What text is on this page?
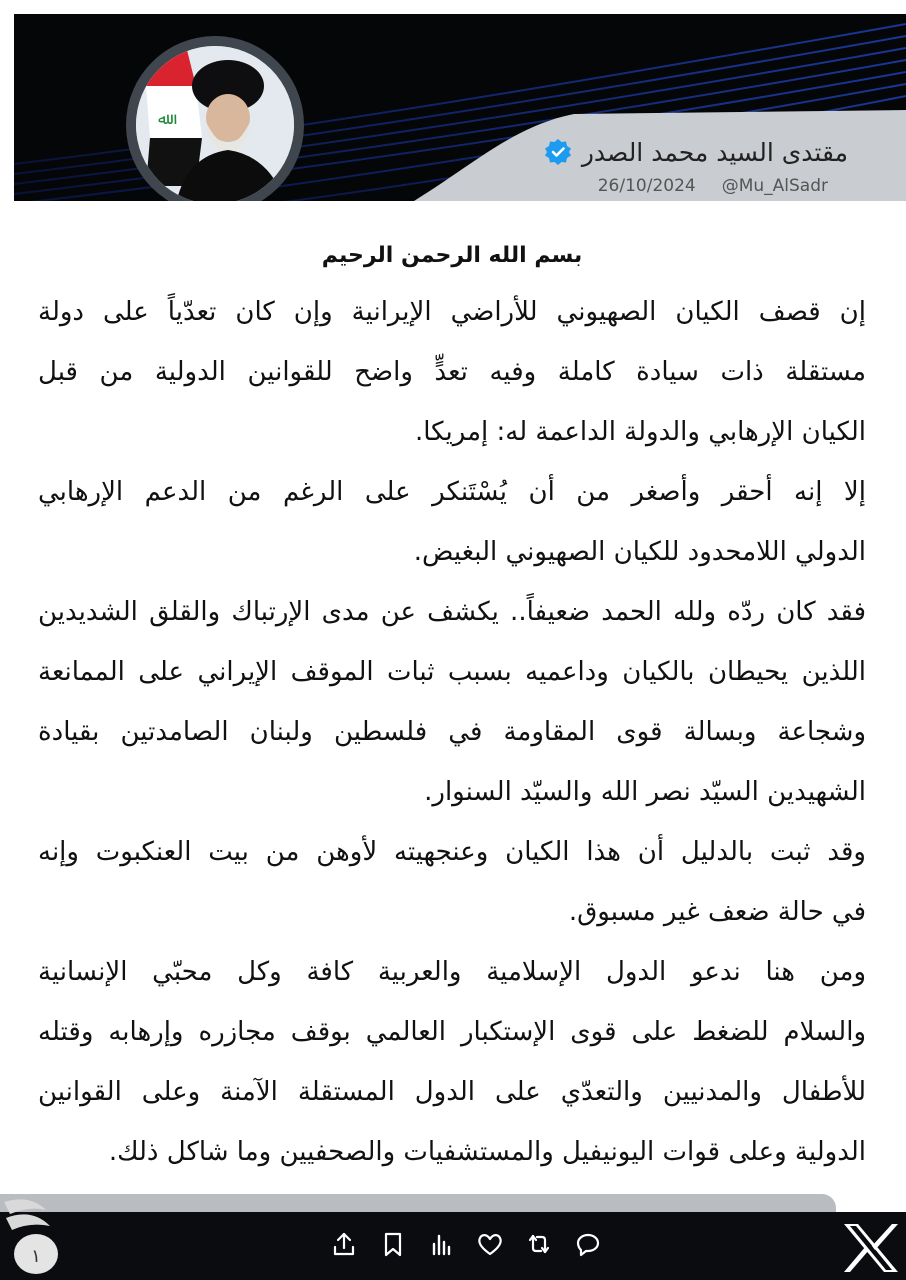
ﷲ
مقتدى السيد محمد الصدر
26/10/2024 @Mu_AlSadr
بسم الله الرحمن الرحيم
إن قصف الكيان الصهيوني للأراضي الإيرانية وإن كان تعدّياً على دولة
مستقلة ذات سيادة كاملة وفيه تعدٍّ واضح للقوانين الدولية من قبل
الكيان الإرهابي والدولة الداعمة له: إمريكا.
إلا إنه أحقر وأصغر من أن يُسْتَنكر على الرغم من الدعم الإرهابي
الدولي اللامحدود للكيان الصهيوني البغيض.
فقد كان ردّه ولله الحمد ضعيفاً.. يكشف عن مدى الإرتباك والقلق الشديدين
اللذين يحيطان بالكيان وداعميه بسبب ثبات الموقف الإيراني على الممانعة
وشجاعة وبسالة قوى المقاومة في فلسطين ولبنان الصامدتين بقيادة
الشهيدين السيّد نصر الله والسيّد السنوار.
وقد ثبت بالدليل أن هذا الكيان وعنجهيته لأوهن من بيت العنكبوت وإنه
في حالة ضعف غير مسبوق.
ومن هنا ندعو الدول الإسلامية والعربية كافة وكل محبّي الإنسانية
والسلام للضغط على قوى الإستكبار العالمي بوقف مجازره وإرهابه وقتله
للأطفال والمدنيين والتعدّي على الدول المستقلة الآمنة وعلى القوانين
الدولية وعلى قوات اليونيفيل والمستشفيات والصحفيين وما شاكل ذلك.
١
